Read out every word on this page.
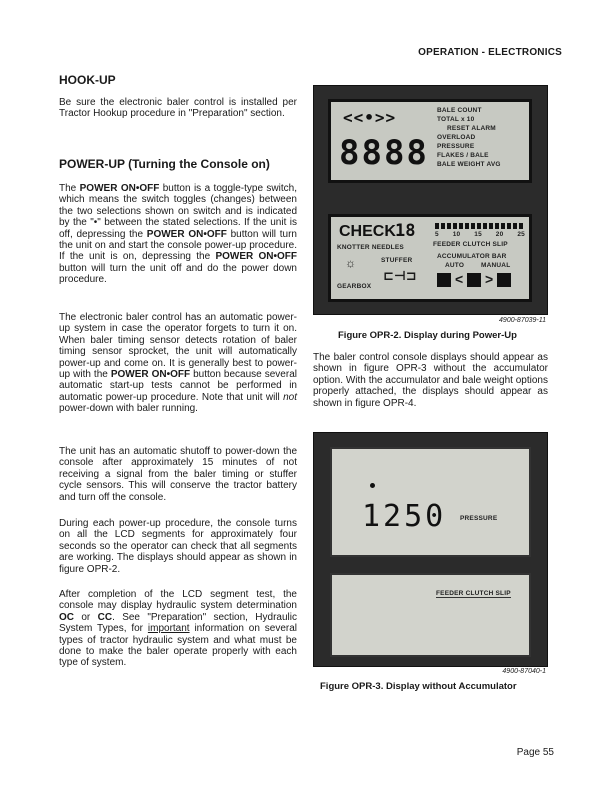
OPERATION - ELECTRONICS
HOOK-UP

Be sure the electronic baler control is installed per Tractor Hookup procedure in "Preparation" section.

POWER-UP (Turning the Console on)

The POWER ON•OFF button is a toggle-type switch, which means the switch toggles (changes) between the two selections shown on switch and is indicated by the "•" between the stated selections. If the unit is off, depressing the POWER ON•OFF button will turn the unit on and start the console power-up procedure. If the unit is on, depressing the POWER ON•OFF button will turn the unit off and do the power down procedure.

The electronic baler control has an automatic power-up system in case the operator forgets to turn it on. When baler timing sensor detects rotation of baler timing sensor sprocket, the unit will automatically power-up and come on. It is generally best to power-up with the POWER ON•OFF button because several automatic start-up tests cannot be performed in automatic power-up procedure. Note that unit will not power-down with baler running.

The unit has an automatic shutoff to power-down the console after approximately 15 minutes of not receiving a signal from the baler timing or stuffer cycle sensors. This will conserve the tractor battery and turn off the console.

During each power-up procedure, the console turns on all the LCD segments for approximately four seconds so the operator can check that all segments are working. The displays should appear as shown in figure OPR-2.

After completion of the LCD segment test, the console may display hydraulic system determination OC or CC. See "Preparation" section, Hydraulic System Types, for important information on several types of tractor hydraulic system and what must be done to make the baler operate properly with each type of system.

<<•>>
8888
BALE COUNT
TOTAL x 10
RESET ALARM
OVERLOAD
PRESSURE
FLAKES / BALE
BALE WEIGHT AVG
CHECK 18	5 10 15 20 25
FEEDER CLUTCH SLIP
KNOTTER NEEDLES
ACCUMULATOR BAR
STUFFER
AUTO	MANUAL
☼
⊏⊣⊐
GEARBOX	< >
4900-87039-11
Figure OPR-2. Display during Power-Up

The baler control console displays should appear as shown in figure OPR-3 without the accumulator option. With the accumulator and bale weight options properly attached, the displays should appear as shown in figure OPR-4.

1250 PRESSURE
FEEDER CLUTCH SLIP
4900-87040-1
Figure OPR-3. Display without Accumulator
Page 55
